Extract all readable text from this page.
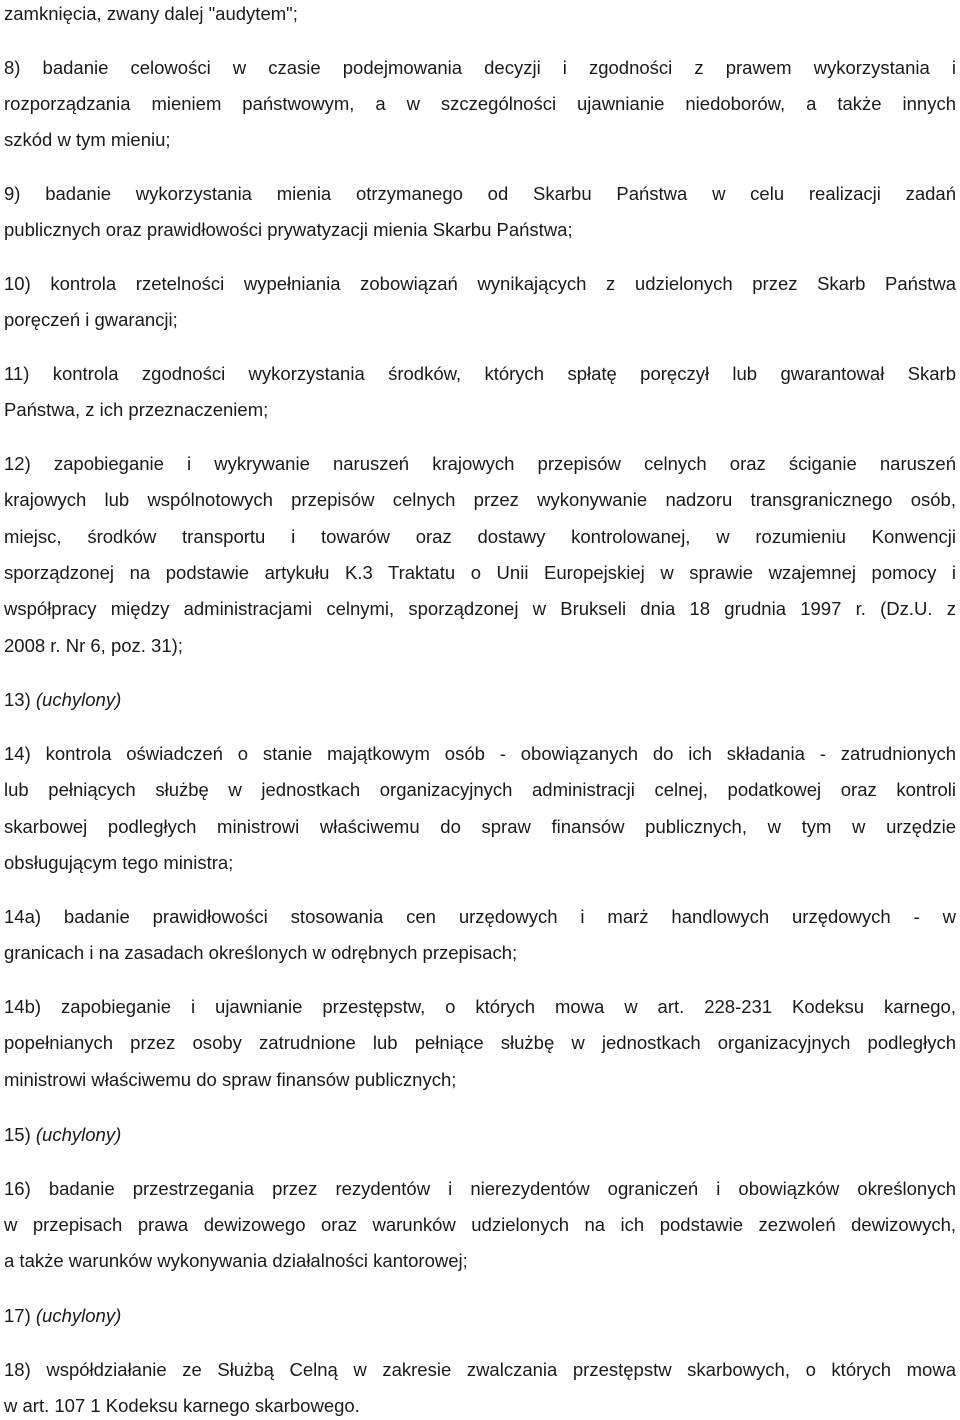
zamknięcia, zwany dalej "audytem";
8) badanie celowości w czasie podejmowania decyzji i zgodności z prawem wykorzystania i
rozporządzania mieniem państwowym, a w szczególności ujawnianie niedoborów, a także innych
szkód w tym mieniu;
9) badanie wykorzystania mienia otrzymanego od Skarbu Państwa w celu realizacji zadań
publicznych oraz prawidłowości prywatyzacji mienia Skarbu Państwa;
10) kontrola rzetelności wypełniania zobowiązań wynikających z udzielonych przez Skarb Państwa
poręczeń i gwarancji;
11) kontrola zgodności wykorzystania środków, których spłatę poręczył lub gwarantował Skarb
Państwa, z ich przeznaczeniem;
12) zapobieganie i wykrywanie naruszeń krajowych przepisów celnych oraz ściganie naruszeń
krajowych lub wspólnotowych przepisów celnych przez wykonywanie nadzoru transgranicznego osób,
miejsc, środków transportu i towarów oraz dostawy kontrolowanej, w rozumieniu Konwencji
sporządzonej na podstawie artykułu K.3 Traktatu o Unii Europejskiej w sprawie wzajemnej pomocy i
współpracy między administracjami celnymi, sporządzonej w Brukseli dnia 18 grudnia 1997 r. (Dz.U. z
2008 r. Nr 6, poz. 31);
13) (uchylony)
14) kontrola oświadczeń o stanie majątkowym osób - obowiązanych do ich składania - zatrudnionych
lub pełniących służbę w jednostkach organizacyjnych administracji celnej, podatkowej oraz kontroli
skarbowej podległych ministrowi właściwemu do spraw finansów publicznych, w tym w urzędzie
obsługującym tego ministra;
14a) badanie prawidłowości stosowania cen urzędowych i marż handlowych urzędowych - w
granicach i na zasadach określonych w odrębnych przepisach;
14b) zapobieganie i ujawnianie przestępstw, o których mowa w art. 228-231 Kodeksu karnego,
popełnianych przez osoby zatrudnione lub pełniące służbę w jednostkach organizacyjnych podległych
ministrowi właściwemu do spraw finansów publicznych;
15) (uchylony)
16) badanie przestrzegania przez rezydentów i nierezydentów ograniczeń i obowiązków określonych
w przepisach prawa dewizowego oraz warunków udzielonych na ich podstawie zezwoleń dewizowych,
a także warunków wykonywania działalności kantorowej;
17) (uchylony)
18) współdziałanie ze Służbą Celną w zakresie zwalczania przestępstw skarbowych, o których mowa
w art. 107 1 Kodeksu karnego skarbowego.
